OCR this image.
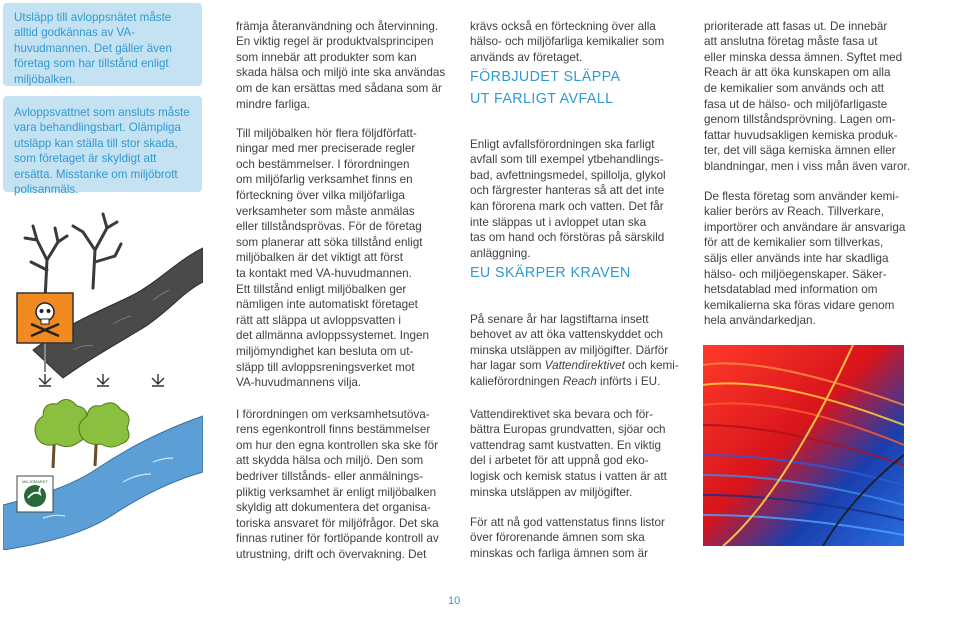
Utsläpp till avloppsnätet måste alltid godkännas av VA-huvudmannen. Det gäller även företag som har tillstånd enligt miljöbalken.

Avloppsvattnet som ansluts måste vara behandlingsbart. Olämpliga utsläpp kan ställa till stor skada, som företaget är skyldigt att ersätta. Misstanke om miljöbrott polisanmäls.

MILJÖMÄRKT

främja återanvändning och återvinning.
En viktig regel är produktvalsprincipen
som innebär att produkter som kan
skada hälsa och miljö inte ska användas
om de kan ersättas med sådana som är
mindre farliga.

Till miljöbalken hör flera följdförfatt-
ningar med mer preciserade regler
och bestämmelser. I förordningen
om miljöfarlig verksamhet finns en
förteckning över vilka miljöfarliga
verksamheter som måste anmälas
eller tillståndsprövas. För de företag
som planerar att söka tillstånd enligt
miljöbalken är det viktigt att först
ta kontakt med VA-huvudmannen.
Ett tillstånd enligt miljöbalken ger
nämligen inte automatiskt företaget
rätt att släppa ut avloppsvatten i
det allmänna avloppssystemet. Ingen
miljömyndighet kan besluta om ut-
släpp till avloppsreningsverket mot
VA-huvudmannens vilja.

I förordningen om verksamhetsutöva-
rens egenkontroll finns bestämmelser
om hur den egna kontrollen ska ske för
att skydda hälsa och miljö. Den som
bedriver tillstånds- eller anmälnings-
pliktig verksamhet är enligt miljöbalken
skyldig att dokumentera det organisa-
toriska ansvaret för miljöfrågor. Det ska
finnas rutiner för fortlöpande kontroll av
utrustning, drift och övervakning. Det

krävs också en förteckning över alla
hälso- och miljöfarliga kemikalier som
används av företaget.

FÖRBJUDET SLÄPPA
UT FARLIGT AVFALL

Enligt avfallsförordningen ska farligt
avfall som till exempel ytbehandlings-
bad, avfettningsmedel, spillolja, glykol
och färgrester hanteras så att det inte
kan förorena mark och vatten. Det får
inte släppas ut i avloppet utan ska
tas om hand och förstöras på särskild
anläggning.

EU SKÄRPER KRAVEN

På senare år har lagstiftarna insett
behovet av att öka vattenskyddet och
minska utsläppen av miljögifter. Därför
har lagar som Vattendirektivet och kemi-
kalieförordningen Reach införts i EU.

Vattendirektivet ska bevara och för-
bättra Europas grundvatten, sjöar och
vattendrag samt kustvatten. En viktig
del i arbetet för att uppnå god eko-
logisk och kemisk status i vatten är att
minska utsläppen av miljögifter.

För att nå god vattenstatus finns listor
över förorenande ämnen som ska
minskas och farliga ämnen som är

prioriterade att fasas ut. De innebär
att anslutna företag måste fasa ut
eller minska dessa ämnen. Syftet med
Reach är att öka kunskapen om alla
de kemikalier som används och att
fasa ut de hälso- och miljöfarligaste
genom tillståndsprövning. Lagen om-
fattar huvudsakligen kemiska produk-
ter, det vill säga kemiska ämnen eller
blandningar, men i viss mån även varor.

De flesta företag som använder kemi-
kalier berörs av Reach. Tillverkare,
importörer och användare är ansvariga
för att de kemikalier som tillverkas,
säljs eller används inte har skadliga
hälso- och miljöegenskaper. Säker-
hetsdatablad med information om
kemikalierna ska föras vidare genom
hela användarkedjan.

10
